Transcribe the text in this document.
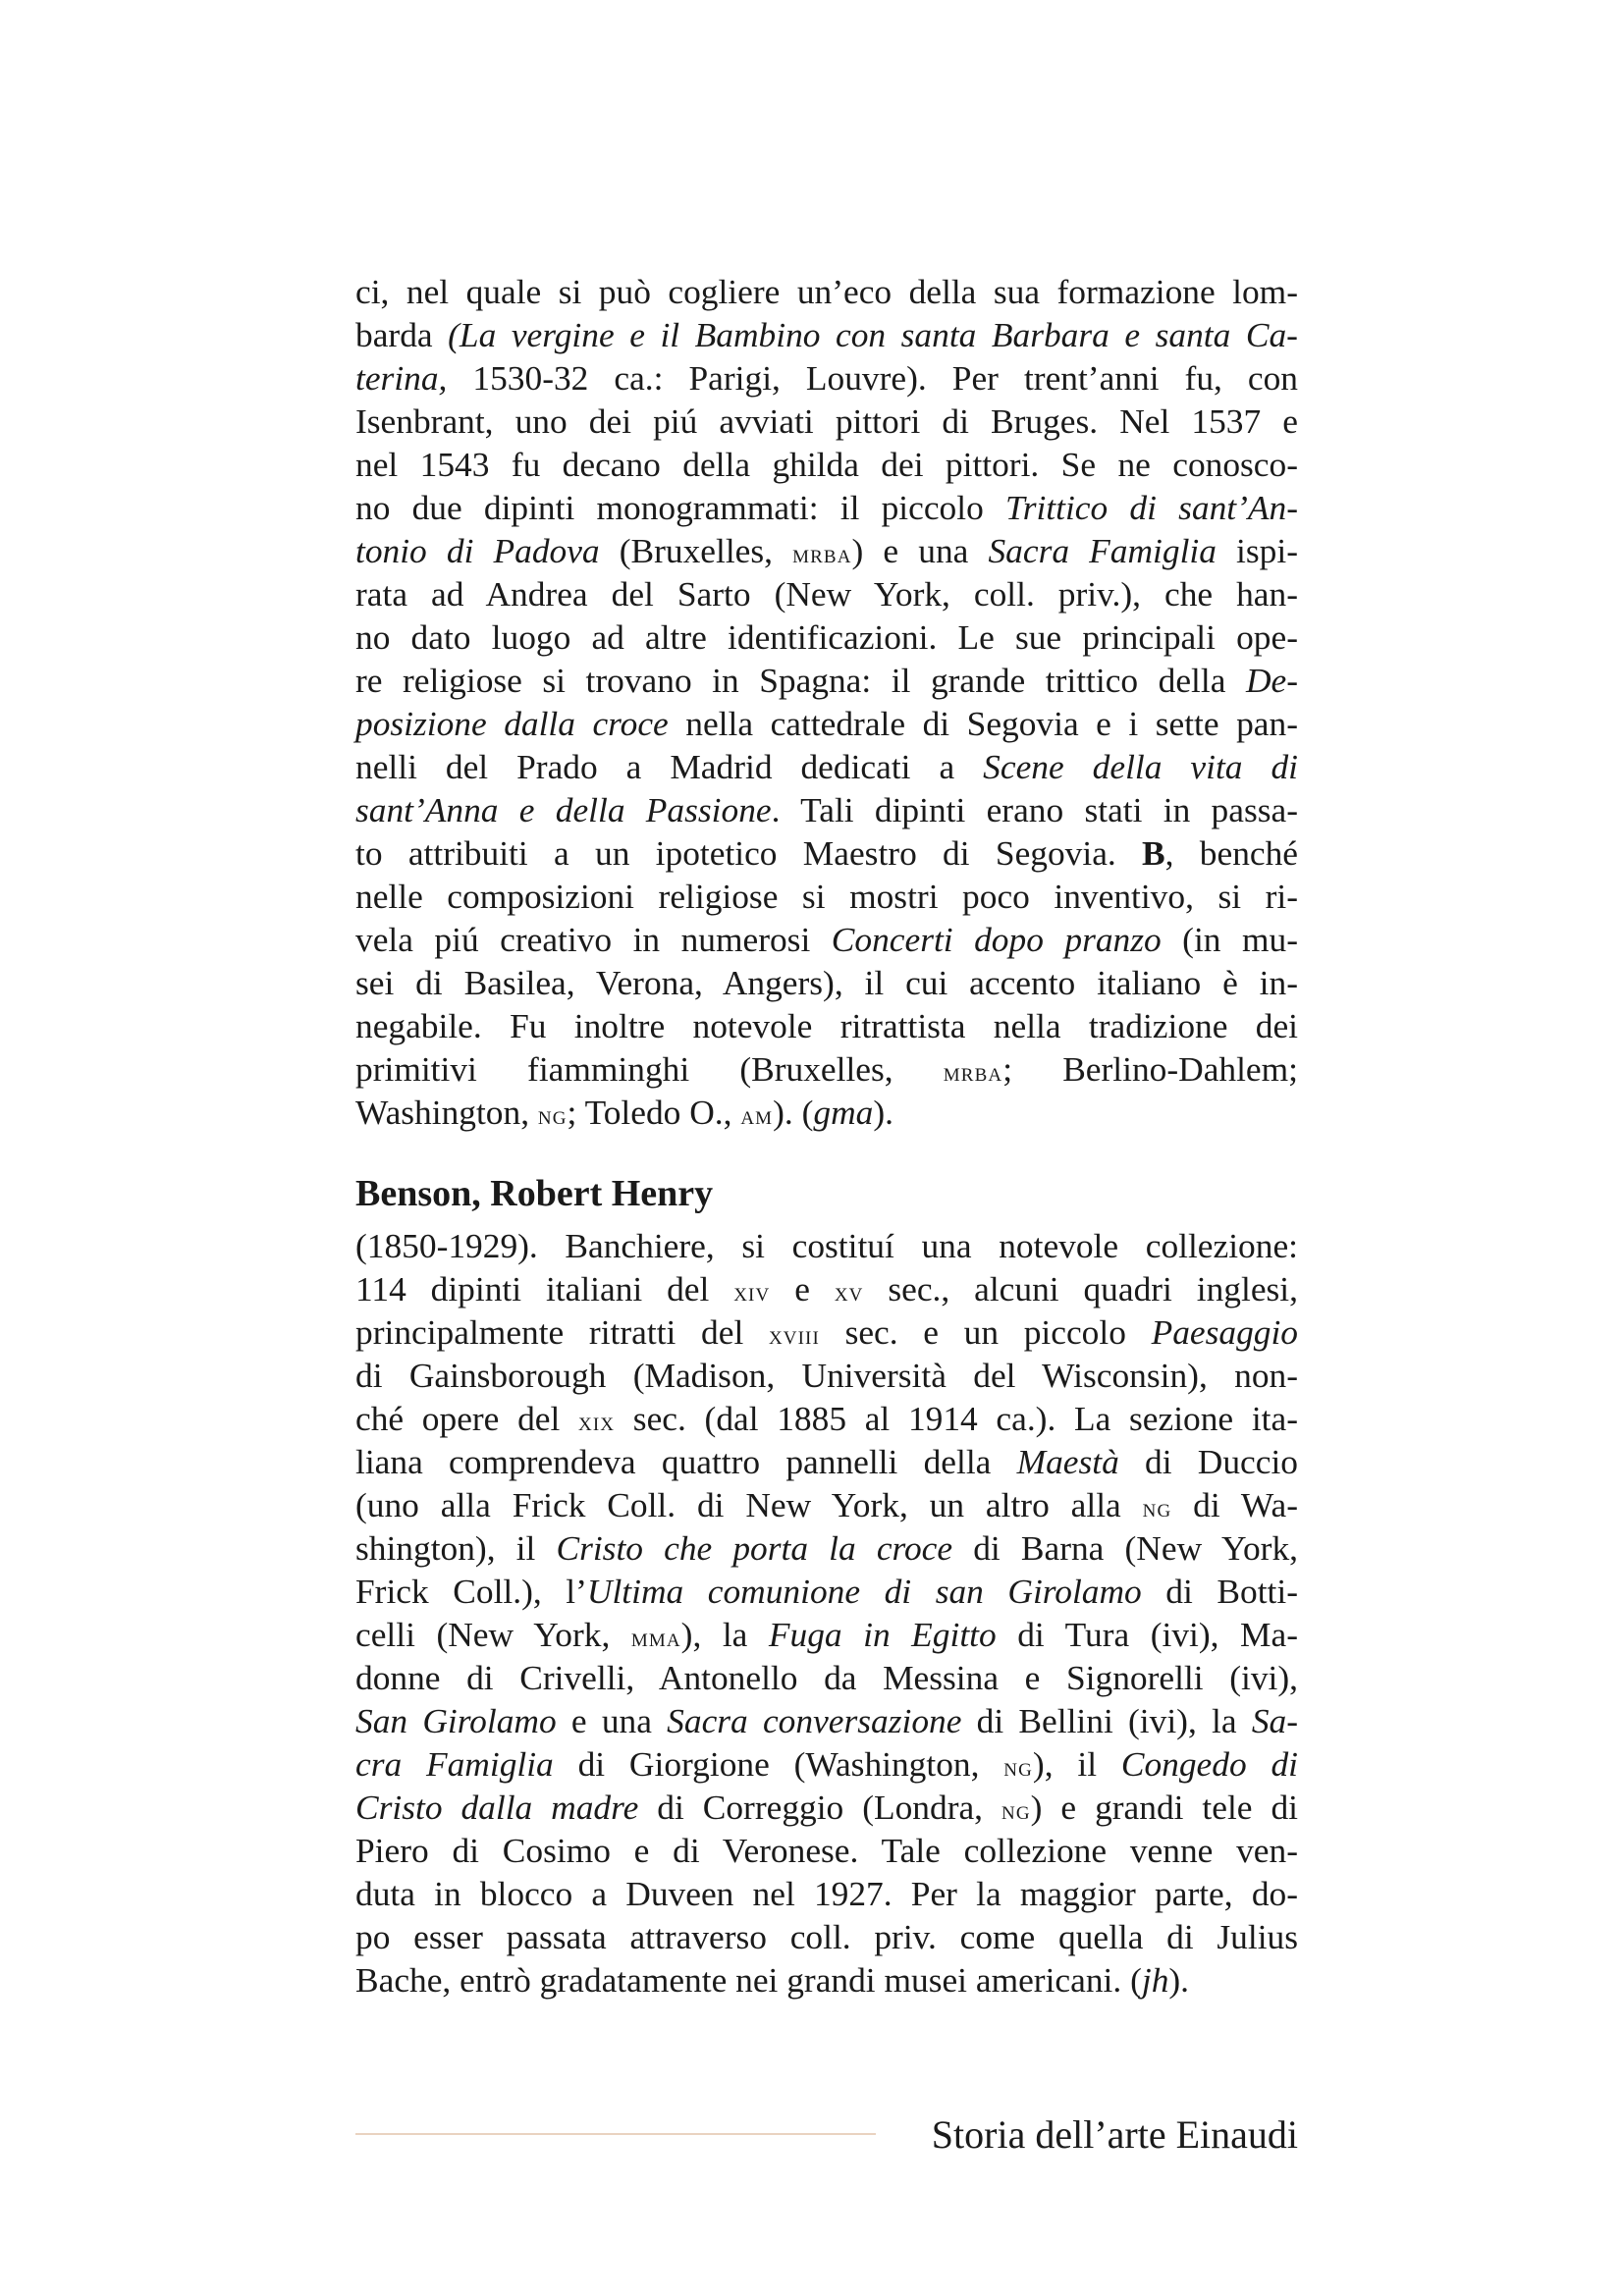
ci, nel quale si può cogliere un’eco della sua formazione lom-
barda (La vergine e il Bambino con santa Barbara e santa Ca-
terina, 1530-32 ca.: Parigi, Louvre). Per trent’anni fu, con
Isenbrant, uno dei piú avviati pittori di Bruges. Nel 1537 e
nel 1543 fu decano della ghilda dei pittori. Se ne conosco-
no due dipinti monogrammati: il piccolo Trittico di sant’An-
tonio di Padova (Bruxelles, mrba) e una Sacra Famiglia ispi-
rata ad Andrea del Sarto (New York, coll. priv.), che han-
no dato luogo ad altre identificazioni. Le sue principali ope-
re religiose si trovano in Spagna: il grande trittico della De-
posizione dalla croce nella cattedrale di Segovia e i sette pan-
nelli del Prado a Madrid dedicati a Scene della vita di
sant’Anna e della Passione. Tali dipinti erano stati in passa-
to attribuiti a un ipotetico Maestro di Segovia. B, benché
nelle composizioni religiose si mostri poco inventivo, si ri-
vela piú creativo in numerosi Concerti dopo pranzo (in mu-
sei di Basilea, Verona, Angers), il cui accento italiano è in-
negabile. Fu inoltre notevole ritrattista nella tradizione dei
primitivi fiamminghi (Bruxelles, mrba; Berlino-Dahlem;
Washington, ng; Toledo O., am). (gma).

Benson, Robert Henry

(1850-1929). Banchiere, si costituí una notevole collezione:
114 dipinti italiani del xiv e xv sec., alcuni quadri inglesi,
principalmente ritratti del xviii sec. e un piccolo Paesaggio
di Gainsborough (Madison, Università del Wisconsin), non-
ché opere del xix sec. (dal 1885 al 1914 ca.). La sezione ita-
liana comprendeva quattro pannelli della Maestà di Duccio
(uno alla Frick Coll. di New York, un altro alla ng di Wa-
shington), il Cristo che porta la croce di Barna (New York,
Frick Coll.), l’Ultima comunione di san Girolamo di Botti-
celli (New York, mma), la Fuga in Egitto di Tura (ivi), Ma-
donne di Crivelli, Antonello da Messina e Signorelli (ivi),
San Girolamo e una Sacra conversazione di Bellini (ivi), la Sa-
cra Famiglia di Giorgione (Washington, ng), il Congedo di
Cristo dalla madre di Correggio (Londra, ng) e grandi tele di
Piero di Cosimo e di Veronese. Tale collezione venne ven-
duta in blocco a Duveen nel 1927. Per la maggior parte, do-
po esser passata attraverso coll. priv. come quella di Julius
Bache, entrò gradatamente nei grandi musei americani. (jh).

Storia dell’arte Einaudi
